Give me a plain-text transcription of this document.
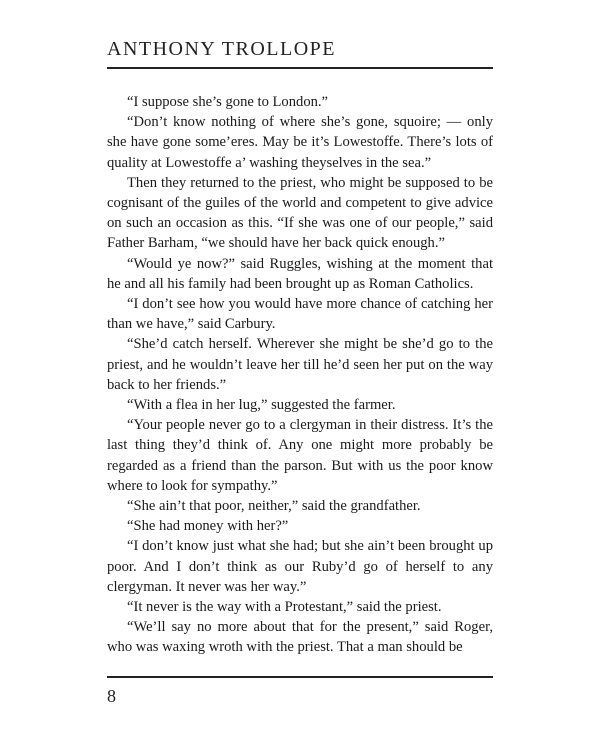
ANTHONY TROLLOPE

“I suppose she’s gone to London.”

“Don’t know nothing of where she’s gone, squoire; — only she have gone some’eres. May be it’s Lowestoffe. There’s lots of quality at Lowestoffe a’ washing theyselves in the sea.”

Then they returned to the priest, who might be supposed to be cognisant of the guiles of the world and competent to give advice on such an occasion as this. “If she was one of our people,” said Father Barham, “we should have her back quick enough.”

“Would ye now?” said Ruggles, wishing at the moment that he and all his family had been brought up as Roman Catholics.

“I don’t see how you would have more chance of catching her than we have,” said Carbury.

“She’d catch herself. Wherever she might be she’d go to the priest, and he wouldn’t leave her till he’d seen her put on the way back to her friends.”

“With a flea in her lug,” suggested the farmer.

“Your people never go to a clergyman in their distress. It’s the last thing they’d think of. Any one might more probably be regarded as a friend than the parson. But with us the poor know where to look for sympathy.”

“She ain’t that poor, neither,” said the grandfather.

“She had money with her?”

“I don’t know just what she had; but she ain’t been brought up poor. And I don’t think as our Ruby’d go of herself to any clergyman. It never was her way.”

“It never is the way with a Protestant,” said the priest.

“We’ll say no more about that for the present,” said Roger, who was waxing wroth with the priest. That a man should be

8
